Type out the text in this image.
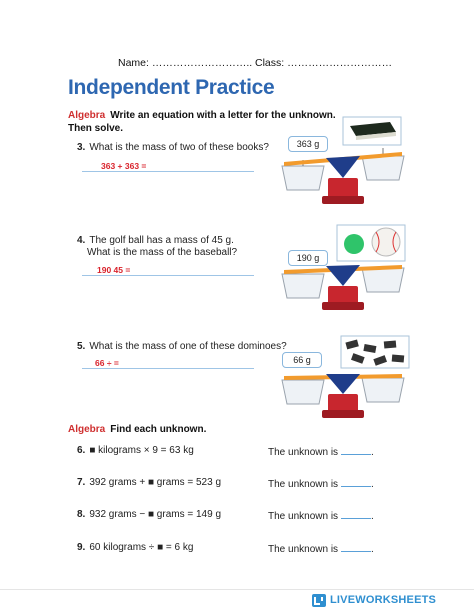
Name: ……………………….. Class: …………………………
Independent Practice
Algebra Write an equation with a letter for the unknown.
Then solve.
3. What is the mass of two of these books?
363 + 363 =
363 g
4. The golf ball has a mass of 45 g.
What is the mass of the baseball?
190 45 =
190 g
5. What is the mass of one of these dominoes?
66 ÷ =	66 g
Algebra Find each unknown.
6. ■ kilograms × 9 = 63 kg	The unknown is	.
7. 392 grams + ■ grams = 523 g	The unknown is	.
8. 932 grams − ■ grams = 149 g	The unknown is	.
9. 60 kilograms ÷ ■ = 6 kg	The unknown is	.
LIVEWORKSHEETS
